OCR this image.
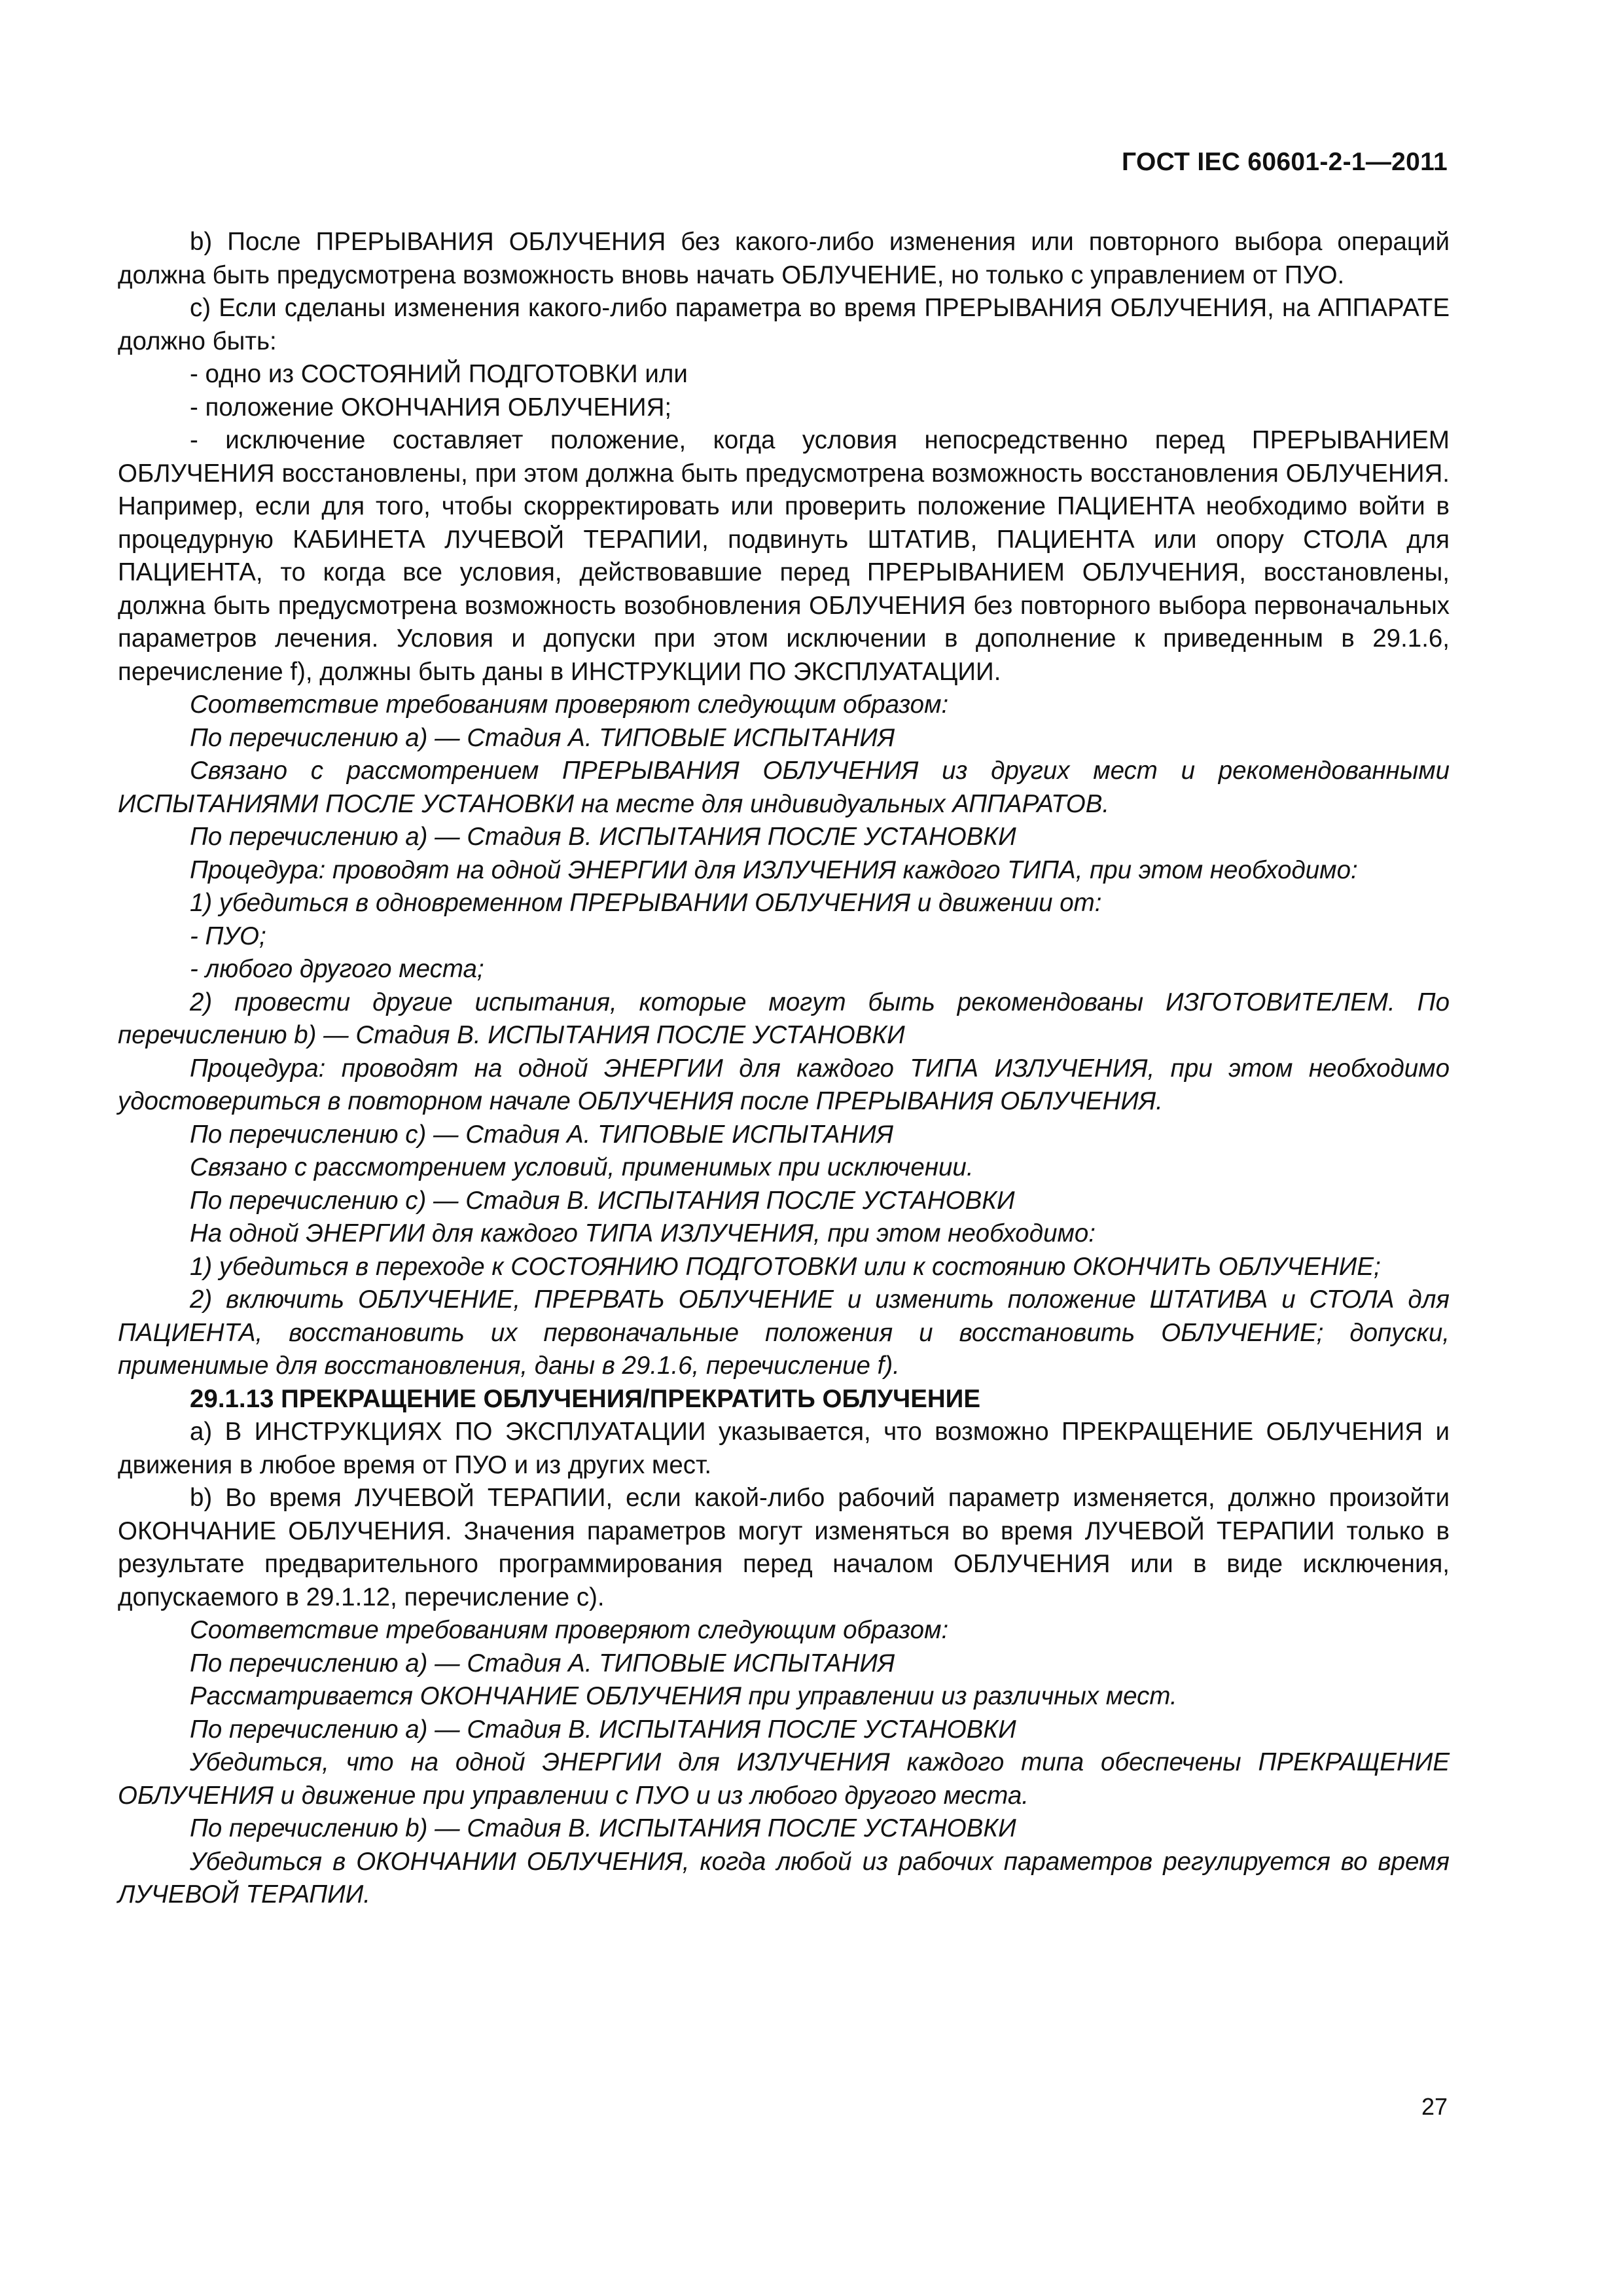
ГОСТ IEC 60601-2-1—2011

b) После ПРЕРЫВАНИЯ ОБЛУЧЕНИЯ без какого-либо изменения или повторного выбора операций должна быть предусмотрена возможность вновь начать ОБЛУЧЕНИЕ, но только с управлением от ПУО.

c) Если сделаны изменения какого-либо параметра во время ПРЕРЫВАНИЯ ОБЛУЧЕНИЯ, на АППАРАТЕ должно быть:

- одно из СОСТОЯНИЙ ПОДГОТОВКИ или

- положение ОКОНЧАНИЯ ОБЛУЧЕНИЯ;

- исключение составляет положение, когда условия непосредственно перед ПРЕРЫВАНИЕМ ОБЛУЧЕНИЯ восстановлены, при этом должна быть предусмотрена возможность восстановления ОБЛУЧЕНИЯ. Например, если для того, чтобы скорректировать или проверить положение ПАЦИЕНТА необходимо войти в процедурную КАБИНЕТА ЛУЧЕВОЙ ТЕРАПИИ, подвинуть ШТАТИВ, ПАЦИЕНТА или опору СТОЛА для ПАЦИЕНТА, то когда все условия, действовавшие перед ПРЕРЫВАНИЕМ ОБЛУЧЕНИЯ, восстановлены, должна быть предусмотрена возможность возобновления ОБЛУЧЕНИЯ без повторного выбора первоначальных параметров лечения. Условия и допуски при этом исключении в дополнение к приведенным в 29.1.6, перечисление f), должны быть даны в ИНСТРУКЦИИ ПО ЭКСПЛУАТАЦИИ.

Соответствие требованиям проверяют следующим образом:

По перечислению а) — Стадия А. ТИПОВЫЕ ИСПЫТАНИЯ

Связано с рассмотрением ПРЕРЫВАНИЯ ОБЛУЧЕНИЯ из других мест и рекомендованными ИСПЫТАНИЯМИ ПОСЛЕ УСТАНОВКИ на месте для индивидуальных АППАРАТОВ.

По перечислению а) — Стадия В. ИСПЫТАНИЯ ПОСЛЕ УСТАНОВКИ

Процедура: проводят на одной ЭНЕРГИИ для ИЗЛУЧЕНИЯ каждого ТИПА, при этом необходимо:

1) убедиться в одновременном ПРЕРЫВАНИИ ОБЛУЧЕНИЯ и движении от:

- ПУО;

- любого другого места;

2) провести другие испытания, которые могут быть рекомендованы ИЗГОТОВИТЕЛЕМ. По перечислению b) — Стадия В. ИСПЫТАНИЯ ПОСЛЕ УСТАНОВКИ

Процедура: проводят на одной ЭНЕРГИИ для каждого ТИПА ИЗЛУЧЕНИЯ, при этом необходимо удостовериться в повторном начале ОБЛУЧЕНИЯ после ПРЕРЫВАНИЯ ОБЛУЧЕНИЯ.

По перечислению с) — Стадия А. ТИПОВЫЕ ИСПЫТАНИЯ

Связано с рассмотрением условий, применимых при исключении.

По перечислению с) — Стадия В. ИСПЫТАНИЯ ПОСЛЕ УСТАНОВКИ

На одной ЭНЕРГИИ для каждого ТИПА ИЗЛУЧЕНИЯ, при этом необходимо:

1) убедиться в переходе к СОСТОЯНИЮ ПОДГОТОВКИ или к состоянию ОКОНЧИТЬ ОБЛУЧЕНИЕ;

2) включить ОБЛУЧЕНИЕ, ПРЕРВАТЬ ОБЛУЧЕНИЕ и изменить положение ШТАТИВА и СТОЛА для ПАЦИЕНТА, восстановить их первоначальные положения и восстановить ОБЛУЧЕНИЕ; допуски, применимые для восстановления, даны в 29.1.6, перечисление f).

29.1.13 ПРЕКРАЩЕНИЕ ОБЛУЧЕНИЯ/ПРЕКРАТИТЬ ОБЛУЧЕНИЕ

а) В ИНСТРУКЦИЯХ ПО ЭКСПЛУАТАЦИИ указывается, что возможно ПРЕКРАЩЕНИЕ ОБЛУЧЕНИЯ и движения в любое время от ПУО и из других мест.

b) Во время ЛУЧЕВОЙ ТЕРАПИИ, если какой-либо рабочий параметр изменяется, должно произойти ОКОНЧАНИЕ ОБЛУЧЕНИЯ. Значения параметров могут изменяться во время ЛУЧЕВОЙ ТЕРАПИИ только в результате предварительного программирования перед началом ОБЛУЧЕНИЯ или в виде исключения, допускаемого в 29.1.12, перечисление с).

Соответствие требованиям проверяют следующим образом:

По перечислению а) — Стадия А. ТИПОВЫЕ ИСПЫТАНИЯ

Рассматривается ОКОНЧАНИЕ ОБЛУЧЕНИЯ при управлении из различных мест.

По перечислению а) — Стадия В. ИСПЫТАНИЯ ПОСЛЕ УСТАНОВКИ

Убедиться, что на одной ЭНЕРГИИ для ИЗЛУЧЕНИЯ каждого типа обеспечены ПРЕКРАЩЕНИЕ ОБЛУЧЕНИЯ и движение при управлении с ПУО и из любого другого места.

По перечислению b) — Стадия В. ИСПЫТАНИЯ ПОСЛЕ УСТАНОВКИ

Убедиться в ОКОНЧАНИИ ОБЛУЧЕНИЯ, когда любой из рабочих параметров регулируется во время ЛУЧЕВОЙ ТЕРАПИИ.

27
